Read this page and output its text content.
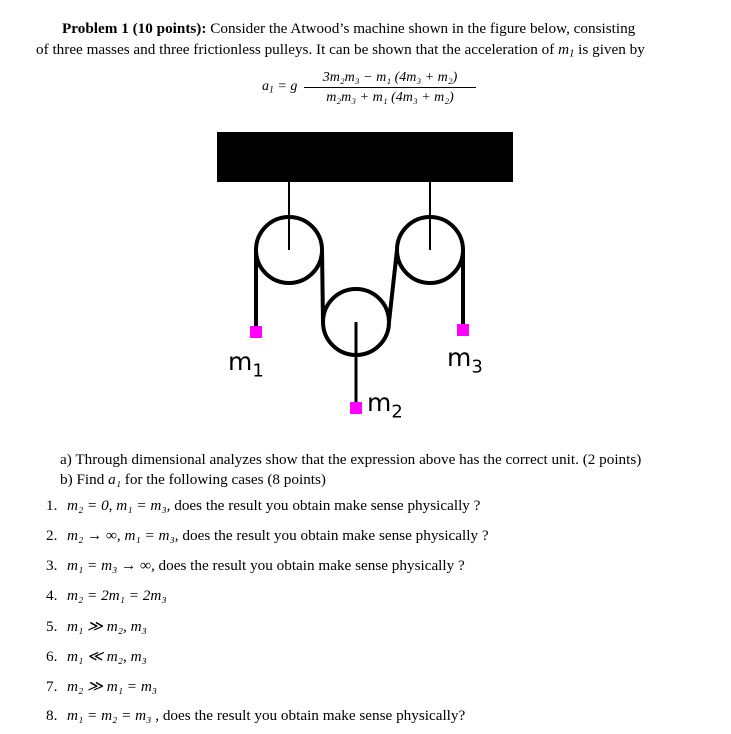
Problem 1 (10 points): Consider the Atwood’s machine shown in the figure below, consisting
of three masses and three frictionless pulleys. It can be shown that the acceleration of $m_1$ is given by
$a_1 = g$
3m₂m₃ − m₁ (4m₃ + m₂)
m₂m₃ + m₁ (4m₃ + m₂)
$m_1$	$m_3$
$m_2$
a) Through dimensional analyzes show that the expression above has the correct unit. (2 points)
b) Find a₁ for the following cases (8 points)
1. m₂ = 0, m₁ = m₃, does the result you obtain make sense physically ?
2. m₂ → ∞, m₁ = m₃, does the result you obtain make sense physically ?
3. m₁ = m₃ → ∞, does the result you obtain make sense physically ?
4. m₂ = 2m₁ = 2m₃
5. m₁ ≫ m₂, m₃
6. m₁ ≪ m₂, m₃
7. m₂ ≫ m₁ = m₃
8. m₁ = m₂ = m₃ , does the result you obtain make sense physically?
